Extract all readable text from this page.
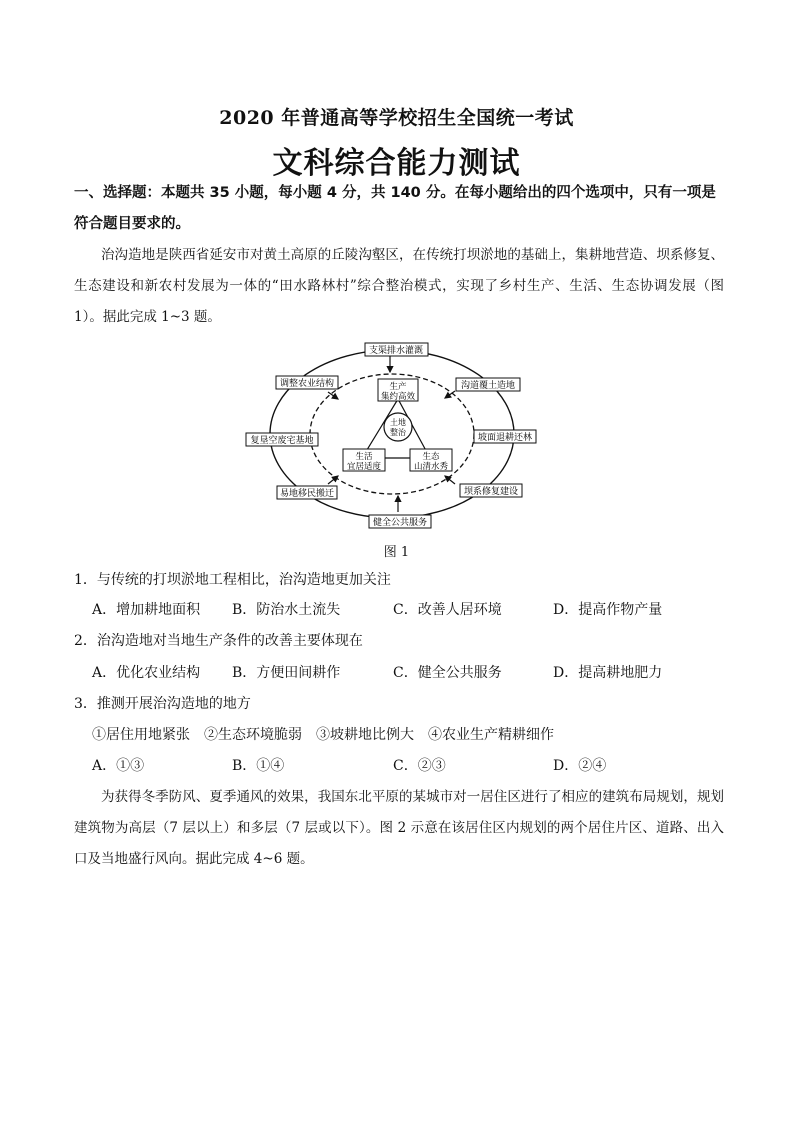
2020 年普通高等学校招生全国统一考试
文科综合能力测试
一、选择题：本题共 35 小题，每小题 4 分，共 140 分。在每小题给出的四个选项中，只有一项是符合题目要求的。
治沟造地是陕西省延安市对黄土高原的丘陵沟壑区，在传统打坝淤地的基础上，集耕地营造、坝系修复、生态建设和新农村发展为一体的“田水路林村”综合整治模式，实现了乡村生产、生活、生态协调发展（图 1）。据此完成 1~3 题。
支渠排水灌溉
沟道覆土造地
坡面退耕还林
坝系修复建设
健全公共服务
易地移民搬迁
复垦空废宅基地
调整农业结构	生产
集约高效
生活
宜居适度
生态
山清水秀
土地
整治
图 1
1．与传统的打坝淤地工程相比，治沟造地更加关注
A．增加耕地面积 B．防治水土流失	C．改善人居环境	D．提高作物产量
2．治沟造地对当地生产条件的改善主要体现在
A．优化农业结构 B．方便田间耕作	C．健全公共服务	D．提高耕地肥力
3．推测开展治沟造地的地方
①居住用地紧张　②生态环境脆弱　③坡耕地比例大　④农业生产精耕细作
A．①③	B．①④	C．②③	D．②④
为获得冬季防风、夏季通风的效果，我国东北平原的某城市对一居住区进行了相应的建筑布局规划，规划建筑物为高层（7 层以上）和多层（7 层或以下）。图 2 示意在该居住区内规划的两个居住片区、道路、出入口及当地盛行风向。据此完成 4~6 题。
